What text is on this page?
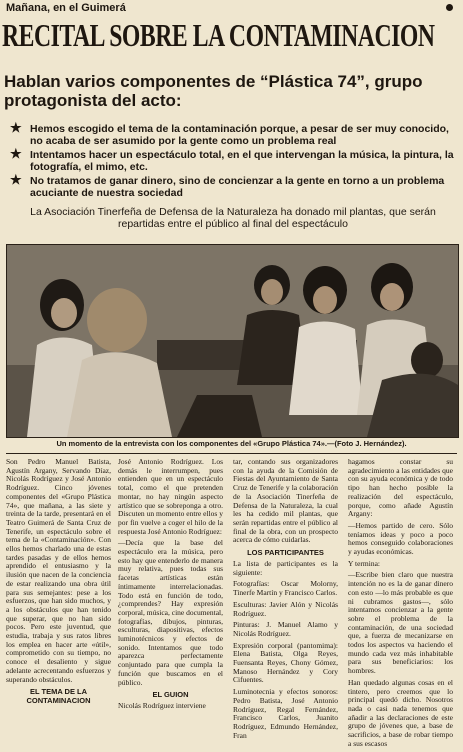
Mañana, en el Guimerá
RECITAL SOBRE LA CONTAMINACION
Hablan varios componentes de “Plástica 74”, grupo protagonista del acto:
★ Hemos escogido el tema de la contaminación porque, a pesar de ser muy conocido, no acaba de ser asumido por la gente como un problema real
★ Intentamos hacer un espectáculo total, en el que intervengan la música, la pintura, la fotografía, el mimo, etc.
★ No tratamos de ganar dinero, sino de concienzar a la gente en torno a un problema acuciante de nuestra sociedad
La Asociación Tinerfeña de Defensa de la Naturaleza ha donado mil plantas, que serán repartidas entre el público al final del espectáculo
Un momento de la entrevista con los componentes del «Grupo Plástica 74».—(Foto J. Hernández).

Son Pedro Manuel Batista, Agustín Argany, Servando Díaz, Nicolás Rodríguez y José Antonio Rodríguez. Cinco jóvenes componentes del «Grupo Plástica 74», que mañana, a las siete y treinta de la tarde, presentará en el Teatro Guimerá de Santa Cruz de Tenerife, un espectáculo sobre el tema de la «Contaminación». Con ellos hemos charlado una de estas tardes pasadas y de ellos hemos aprendido el entusiasmo y la ilusión que nacen de la conciencia de estar realizando una obra útil para sus semejantes: pese a los esfuerzos, que han sido muchos, y a los obstáculos que han tenido que superar, que no han sido pocos. Pero este juventud, que estudia, trabaja y sus ratos libres los emplea en hacer arte «útil», comprometido con su tiempo, no conoce el desaliento y sigue adelante acrecentando esfuerzos y superando obstáculos.

EL TEMA DE LA CONTAMINACION

José Antonio Rodríguez. Los demás le interrumpen, pues entienden que en un espectáculo total, como el que pretenden montar, no hay ningún aspecto artístico que se sobreponga a otro. Discuten un momento entre ellos y por fin vuelve a coger el hilo de la respuesta José Antonio Rodríguez:

—Decía que la base del espectáculo era la música, pero esto hay que entenderlo de manera muy relativa, pues todas sus facetas artísticas están íntimamente interrelacionadas. Todo está en función de todo, ¿comprendes? Hay expresión corporal, música, cine documental, fotografías, dibujos, pinturas, esculturas, diapositivas, efectos luminotécnicos y efectos de sonido. Intentamos que todo aparezca perfectamente conjuntado para que cumpla la función que buscamos en el público.

EL GUION

Nicolás Rodríguez interviene

tar, contando sus organizadores con la ayuda de la Comisión de Fiestas del Ayuntamiento de Santa Cruz de Tenerife y la colaboración de la Asociación Tinerfeña de Defensa de la Naturaleza, la cual les ha cedido mil plantas, que serán repartidas entre el público al final de la obra, con un prospecto acerca de cómo cuidarlas.

LOS PARTICIPANTES

La lista de participantes es la siguiente:

Fotografías: Oscar Molorny, Tinerfe Martín y Francisco Carlos.

Esculturas: Javier Alón y Nicolás Rodríguez.

Pinturas: J. Manuel Alamo y Nicolás Rodríguez.

Expresión corporal (pantomima): Elena Batista, Olga Reyes, Fuensanta Reyes, Chony Gómez, Manoso Hernández y Cory Cifuentes.

Luminotecnia y efectos sonoros: Pedro Batista, José Antonio Rodríguez, Regal Fernández, Francisco Carlos, Juanito Rodríguez, Edmundo Hernández, Fran

hagamos constar su agradecimiento a las entidades que con su ayuda económica y de todo tipo han hecho posible la realización del espectáculo, porque, como añade Agustín Argany:

—Hemos partido de cero. Sólo teníamos ideas y poco a poco hemos conseguido colaboraciones y ayudas económicas.

Y termina:

—Escribe bien claro que nuestra intención no es la de ganar dinero con esto —lo más probable es que ni cubramos gastos—, sólo intentamos concienzar a la gente sobre el problema de la contaminación, de una sociedad que, a fuerza de mecanizarse en todos los aspectos va haciendo el mundo cada vez más inhabitable para sus beneficiarios: los hombres.

Han quedado algunas cosas en el tintero, pero creemos que lo principal quedó dicho. Nosotros nada o casi nada tenemos que añadir a las declaraciones de este grupo de jóvenes que, a base de sacrificios, a base de robar tiempo a sus escasos
